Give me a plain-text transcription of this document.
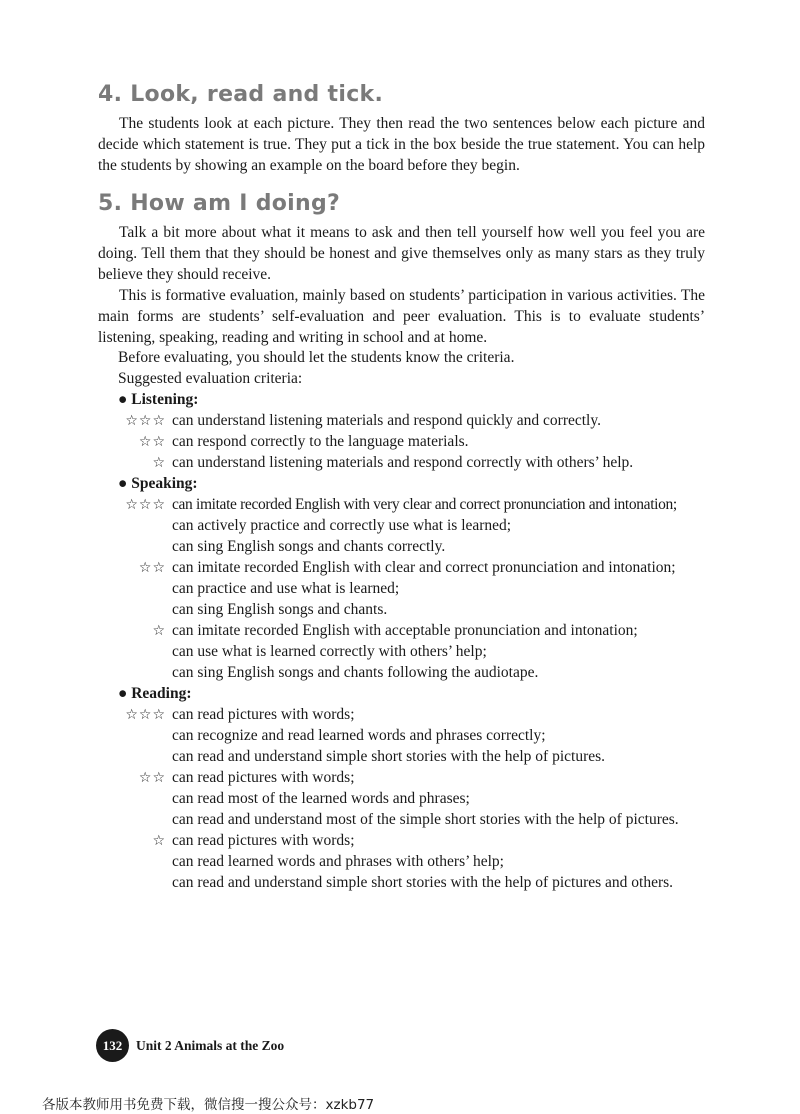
4. Look, read and tick.

The students look at each picture. They then read the two sentences below each picture and decide which statement is true. They put a tick in the box beside the true statement. You can help the students by showing an example on the board before they begin.

5. How am I doing?

Talk a bit more about what it means to ask and then tell yourself how well you feel you are doing. Tell them that they should be honest and give themselves only as many stars as they truly believe they should receive.

This is formative evaluation, mainly based on students’ participation in various activities. The main forms are students’ self-evaluation and peer evaluation. This is to evaluate students’ listening, speaking, reading and writing in school and at home.

Before evaluating, you should let the students know the criteria.

Suggested evaluation criteria:

● Listening:
☆☆☆ can understand listening materials and respond quickly and correctly.
☆☆ can respond correctly to the language materials.
☆ can understand listening materials and respond correctly with others’ help.
● Speaking:
☆☆☆ can imitate recorded English with very clear and correct pronunciation and intonation;
can actively practice and correctly use what is learned;
can sing English songs and chants correctly.
☆☆ can imitate recorded English with clear and correct pronunciation and intonation;
can practice and use what is learned;
can sing English songs and chants.
☆ can imitate recorded English with acceptable pronunciation and intonation;
can use what is learned correctly with others’ help;
can sing English songs and chants following the audiotape.
● Reading:
☆☆☆ can read pictures with words;
can recognize and read learned words and phrases correctly;
can read and understand simple short stories with the help of pictures.
☆☆ can read pictures with words;
can read most of the learned words and phrases;
can read and understand most of the simple short stories with the help of pictures.
☆ can read pictures with words;
can read learned words and phrases with others’ help;
can read and understand simple short stories with the help of pictures and others.
132	Unit 2 Animals at the Zoo
各版本教师用书免费下载，微信搜一搜公众号：xzkb77
